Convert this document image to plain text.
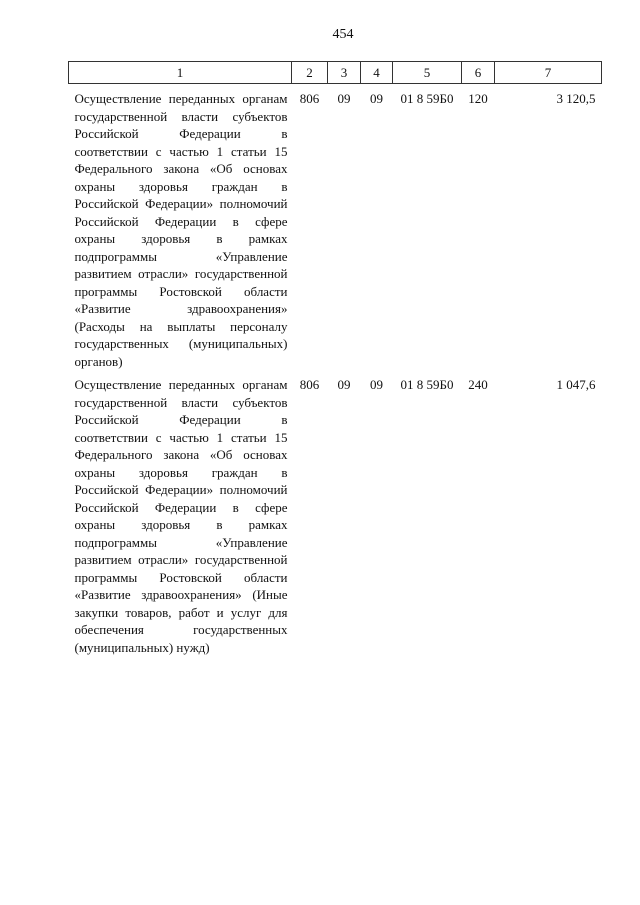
454
1	2	3	4	5	6	7
Осуществление переданных органам государственной власти субъектов Российской Федерации в соответствии с частью 1 статьи 15 Федерального закона «Об основах охраны здоровья граждан в Российской Федерации» полномочий Российской Федерации в сфере охраны здоровья в рамках подпрограммы «Управление развитием отрасли» государственной программы Ростовской области «Развитие здравоохранения» (Расходы на выплаты персоналу государственных (муниципальных) органов)	806	09	09	01 8 59Б0	120	3 120,5
Осуществление переданных органам государственной власти субъектов Российской Федерации в соответствии с частью 1 статьи 15 Федерального закона «Об основах охраны здоровья граждан в Российской Федерации» полномочий Российской Федерации в сфере охраны здоровья в рамках подпрограммы «Управление развитием отрасли» государственной программы Ростовской области «Развитие здравоохранения» (Иные закупки товаров, работ и услуг для обеспечения государственных (муниципальных) нужд)	806	09	09	01 8 59Б0	240	1 047,6
